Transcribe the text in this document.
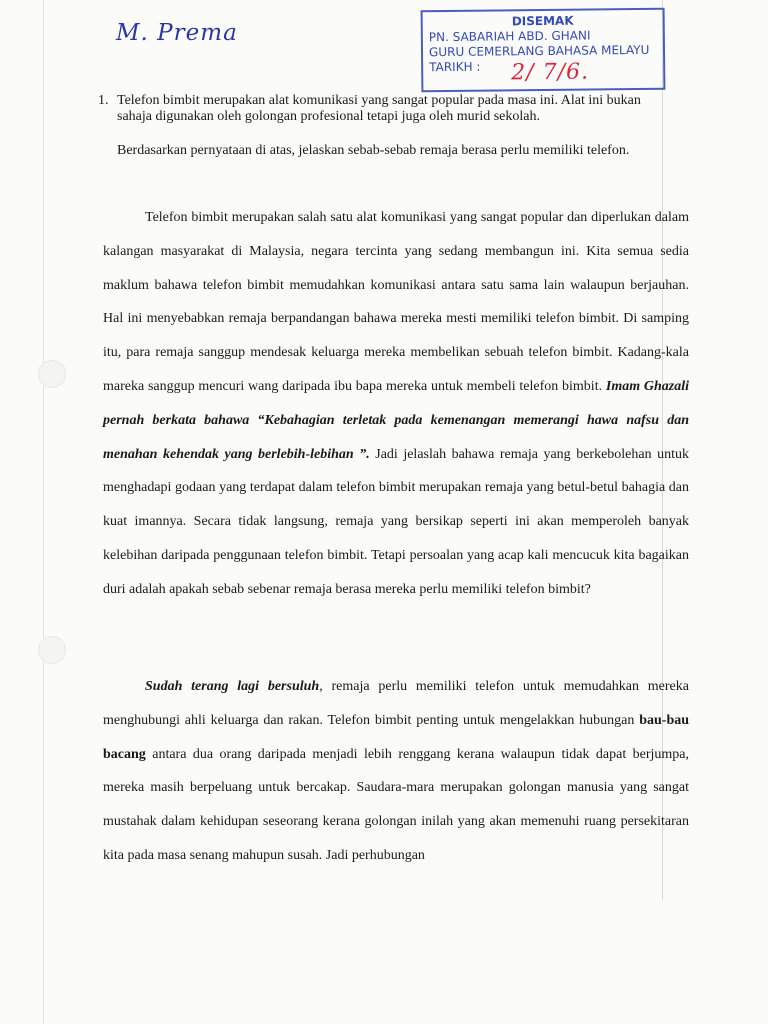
M. Prema	DISEMAK
PN. SABARIAH ABD. GHANI
GURU CEMERLANG BAHASA MELAYU
TARIKH :	2/ 7/6.
1. Telefon bimbit merupakan alat komunikasi yang sangat popular pada masa ini. Alat ini bukan
sahaja digunakan oleh golongan profesional tetapi juga oleh murid sekolah.
Berdasarkan pernyataan di atas, jelaskan sebab-sebab remaja berasa perlu memiliki telefon.

Telefon bimbit merupakan salah satu alat komunikasi yang sangat popular dan diperlukan dalam kalangan masyarakat di Malaysia, negara tercinta yang sedang membangun ini. Kita semua sedia maklum bahawa telefon bimbit memudahkan komunikasi antara satu sama lain walaupun berjauhan. Hal ini menyebabkan remaja berpandangan bahawa mereka mesti memiliki telefon bimbit. Di samping itu, para remaja sanggup mendesak keluarga mereka membelikan sebuah telefon bimbit. Kadang-kala mareka sanggup mencuri wang daripada ibu bapa mereka untuk membeli telefon bimbit. Imam Ghazali pernah berkata bahawa “Kebahagian terletak pada kemenangan memerangi hawa nafsu dan menahan kehendak yang berlebih-lebihan ”. Jadi jelaslah bahawa remaja yang berkebolehan untuk menghadapi godaan yang terdapat dalam telefon bimbit merupakan remaja yang betul-betul bahagia dan kuat imannya. Secara tidak langsung, remaja yang bersikap seperti ini akan memperoleh banyak kelebihan daripada penggunaan telefon bimbit. Tetapi persoalan yang acap kali mencucuk kita bagaikan duri adalah apakah sebab sebenar remaja berasa mereka perlu memiliki telefon bimbit?

Sudah terang lagi bersuluh, remaja perlu memiliki telefon untuk memudahkan mereka menghubungi ahli keluarga dan rakan. Telefon bimbit penting untuk mengelakkan hubungan bau-bau bacang antara dua orang daripada menjadi lebih renggang kerana walaupun tidak dapat berjumpa, mereka masih berpeluang untuk bercakap. Saudara-mara merupakan golongan manusia yang sangat mustahak dalam kehidupan seseorang kerana golongan inilah yang akan memenuhi ruang persekitaran kita pada masa senang mahupun susah. Jadi perhubungan
